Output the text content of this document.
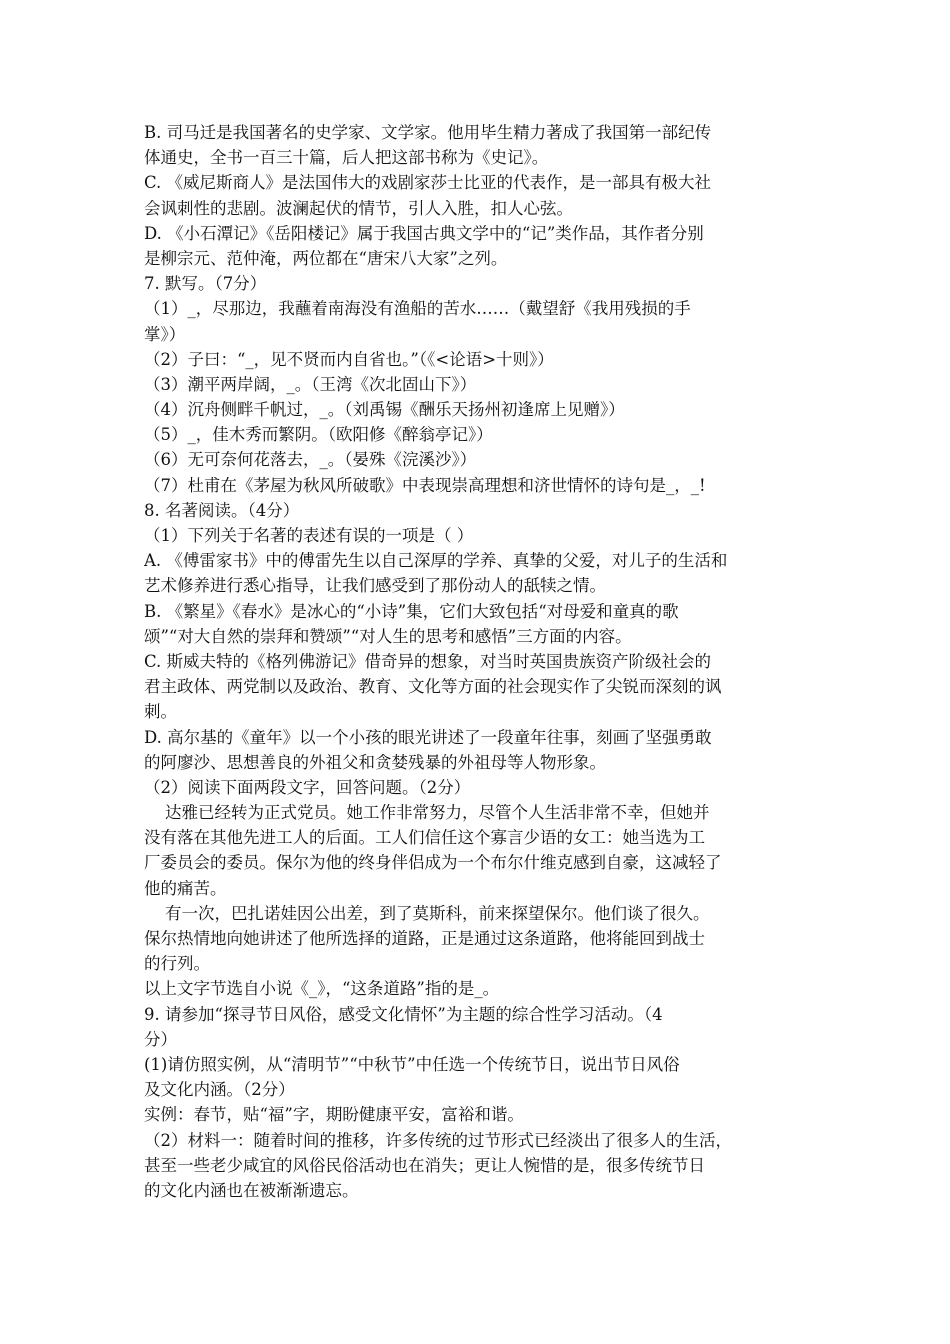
B. 司马迁是我国著名的史学家、文学家。他用毕生精力著成了我国第一部纪传
体通史，全书一百三十篇，后人把这部书称为《史记》。
C. 《威尼斯商人》是法国伟大的戏剧家莎士比亚的代表作，是一部具有极大社
会讽刺性的悲剧。波澜起伏的情节，引人入胜，扣人心弦。
D. 《小石潭记》《岳阳楼记》属于我国古典文学中的“记”类作品，其作者分别
是柳宗元、范仲淹，两位都在“唐宋八大家”之列。
7. 默写。（7分）
（1）_，尽那边，我蘸着南海没有渔船的苦水……（戴望舒《我用残损的手
掌》）
（2）子曰：“_，见不贤而内自省也。”（《<论语>十则》）
（3）潮平两岸阔，_。（王湾《次北固山下》）
（4）沉舟侧畔千帆过，_。（刘禹锡《酬乐天扬州初逢席上见赠》）
（5）_，佳木秀而繁阴。（欧阳修《醉翁亭记》）
（6）无可奈何花落去，_。（晏殊《浣溪沙》）
（7）杜甫在《茅屋为秋风所破歌》中表现崇高理想和济世情怀的诗句是_，_!
8. 名著阅读。（4分）
（1）下列关于名著的表述有误的一项是（ ）
A. 《傅雷家书》中的傅雷先生以自己深厚的学养、真挚的父爱，对儿子的生活和
艺术修养进行悉心指导，让我们感受到了那份动人的舐犊之情。
B. 《繁星》《春水》是冰心的“小诗”集，它们大致包括“对母爱和童真的歌
颂”“对大自然的崇拜和赞颂”“对人生的思考和感悟”三方面的内容。
C. 斯威夫特的《格列佛游记》借奇异的想象，对当时英国贵族资产阶级社会的
君主政体、两党制以及政治、教育、文化等方面的社会现实作了尖锐而深刻的讽
刺。
D. 高尔基的《童年》以一个小孩的眼光讲述了一段童年往事，刻画了坚强勇敢
的阿廖沙、思想善良的外祖父和贪婪残暴的外祖母等人物形象。
（2）阅读下面两段文字，回答问题。（2分）
达雅已经转为正式党员。她工作非常努力，尽管个人生活非常不幸，但她并
没有落在其他先进工人的后面。工人们信任这个寡言少语的女工：她当选为工
厂委员会的委员。保尔为他的终身伴侣成为一个布尔什维克感到自豪，这减轻了
他的痛苦。
有一次，巴扎诺娃因公出差，到了莫斯科，前来探望保尔。他们谈了很久。
保尔热情地向她讲述了他所选择的道路，正是通过这条道路，他将能回到战士
的行列。
以上文字节选自小说《_》，“这条道路”指的是_。
9. 请参加“探寻节日风俗，感受文化情怀”为主题的综合性学习活动。（4
分）
(1)请仿照实例，从“清明节”“中秋节”中任选一个传统节日，说出节日风俗
及文化内涵。（2分）
实例：春节，贴“福”字，期盼健康平安，富裕和谐。
（2）材料一：随着时间的推移，许多传统的过节形式已经淡出了很多人的生活，
甚至一些老少咸宜的风俗民俗活动也在消失；更让人惋惜的是，很多传统节日
的文化内涵也在被渐渐遗忘。
